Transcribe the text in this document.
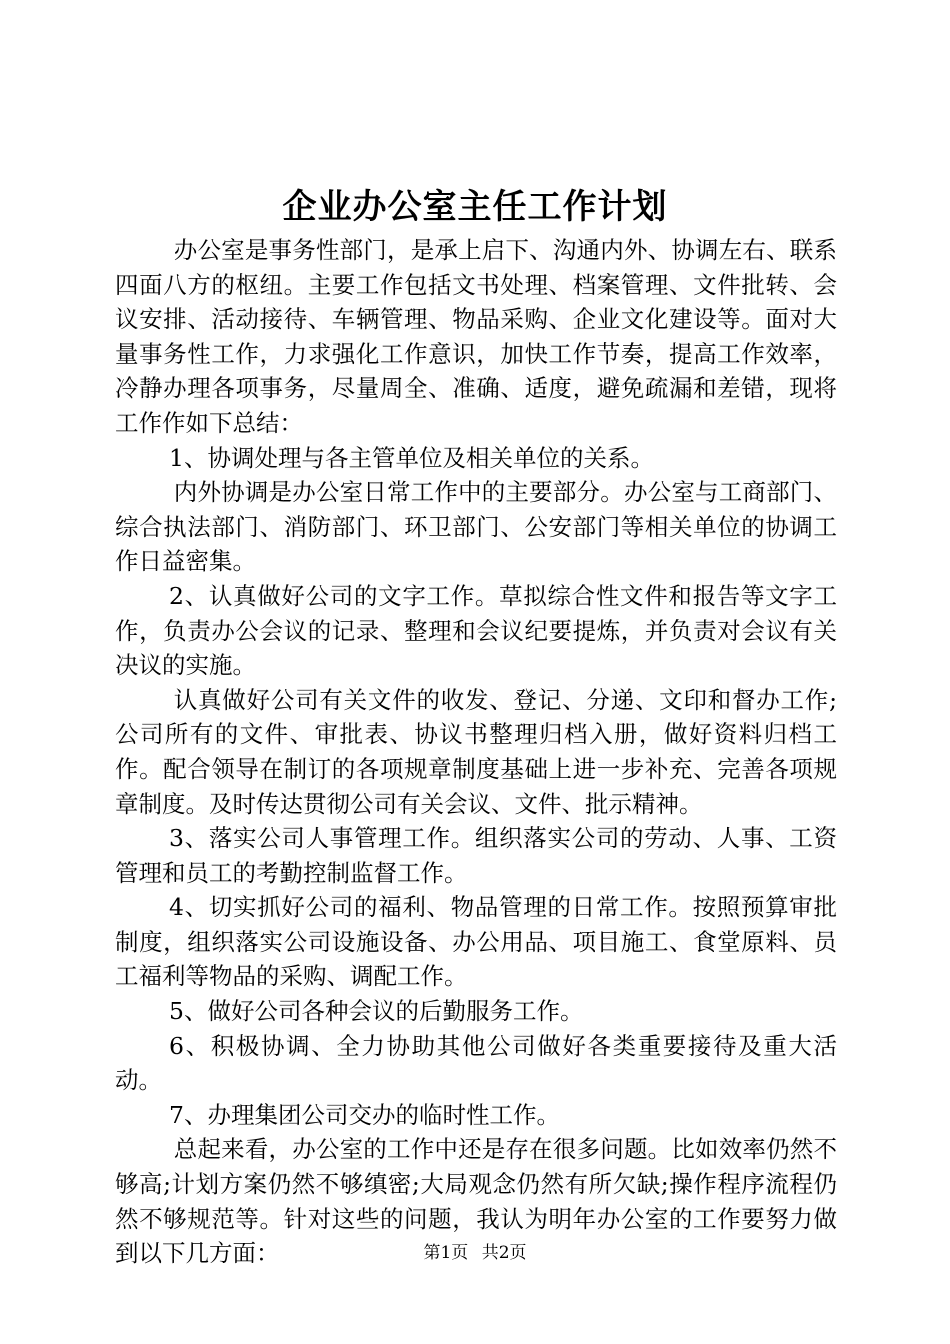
企业办公室主任工作计划

办公室是事务性部门，是承上启下、沟通内外、协调左右、联系四面八方的枢纽。主要工作包括文书处理、档案管理、文件批转、会议安排、活动接待、车辆管理、物品采购、企业文化建设等。面对大量事务性工作，力求强化工作意识，加快工作节奏，提高工作效率，冷静办理各项事务，尽量周全、准确、适度，避免疏漏和差错，现将工作作如下总结：

1、协调处理与各主管单位及相关单位的关系。

内外协调是办公室日常工作中的主要部分。办公室与工商部门、综合执法部门、消防部门、环卫部门、公安部门等相关单位的协调工作日益密集。

2、认真做好公司的文字工作。草拟综合性文件和报告等文字工作，负责办公会议的记录、整理和会议纪要提炼，并负责对会议有关决议的实施。

认真做好公司有关文件的收发、登记、分递、文印和督办工作;公司所有的文件、审批表、协议书整理归档入册，做好资料归档工作。配合领导在制订的各项规章制度基础上进一步补充、完善各项规章制度。及时传达贯彻公司有关会议、文件、批示精神。

3、落实公司人事管理工作。组织落实公司的劳动、人事、工资管理和员工的考勤控制监督工作。

4、切实抓好公司的福利、物品管理的日常工作。按照预算审批制度，组织落实公司设施设备、办公用品、项目施工、食堂原料、员工福利等物品的采购、调配工作。

5、做好公司各种会议的后勤服务工作。

6、积极协调、全力协助其他公司做好各类重要接待及重大活动。

7、办理集团公司交办的临时性工作。

总起来看，办公室的工作中还是存在很多问题。比如效率仍然不够高;计划方案仍然不够缜密;大局观念仍然有所欠缺;操作程序流程仍然不够规范等。针对这些的问题，我认为明年办公室的工作要努力做到以下几方面：	第1页 共2页
